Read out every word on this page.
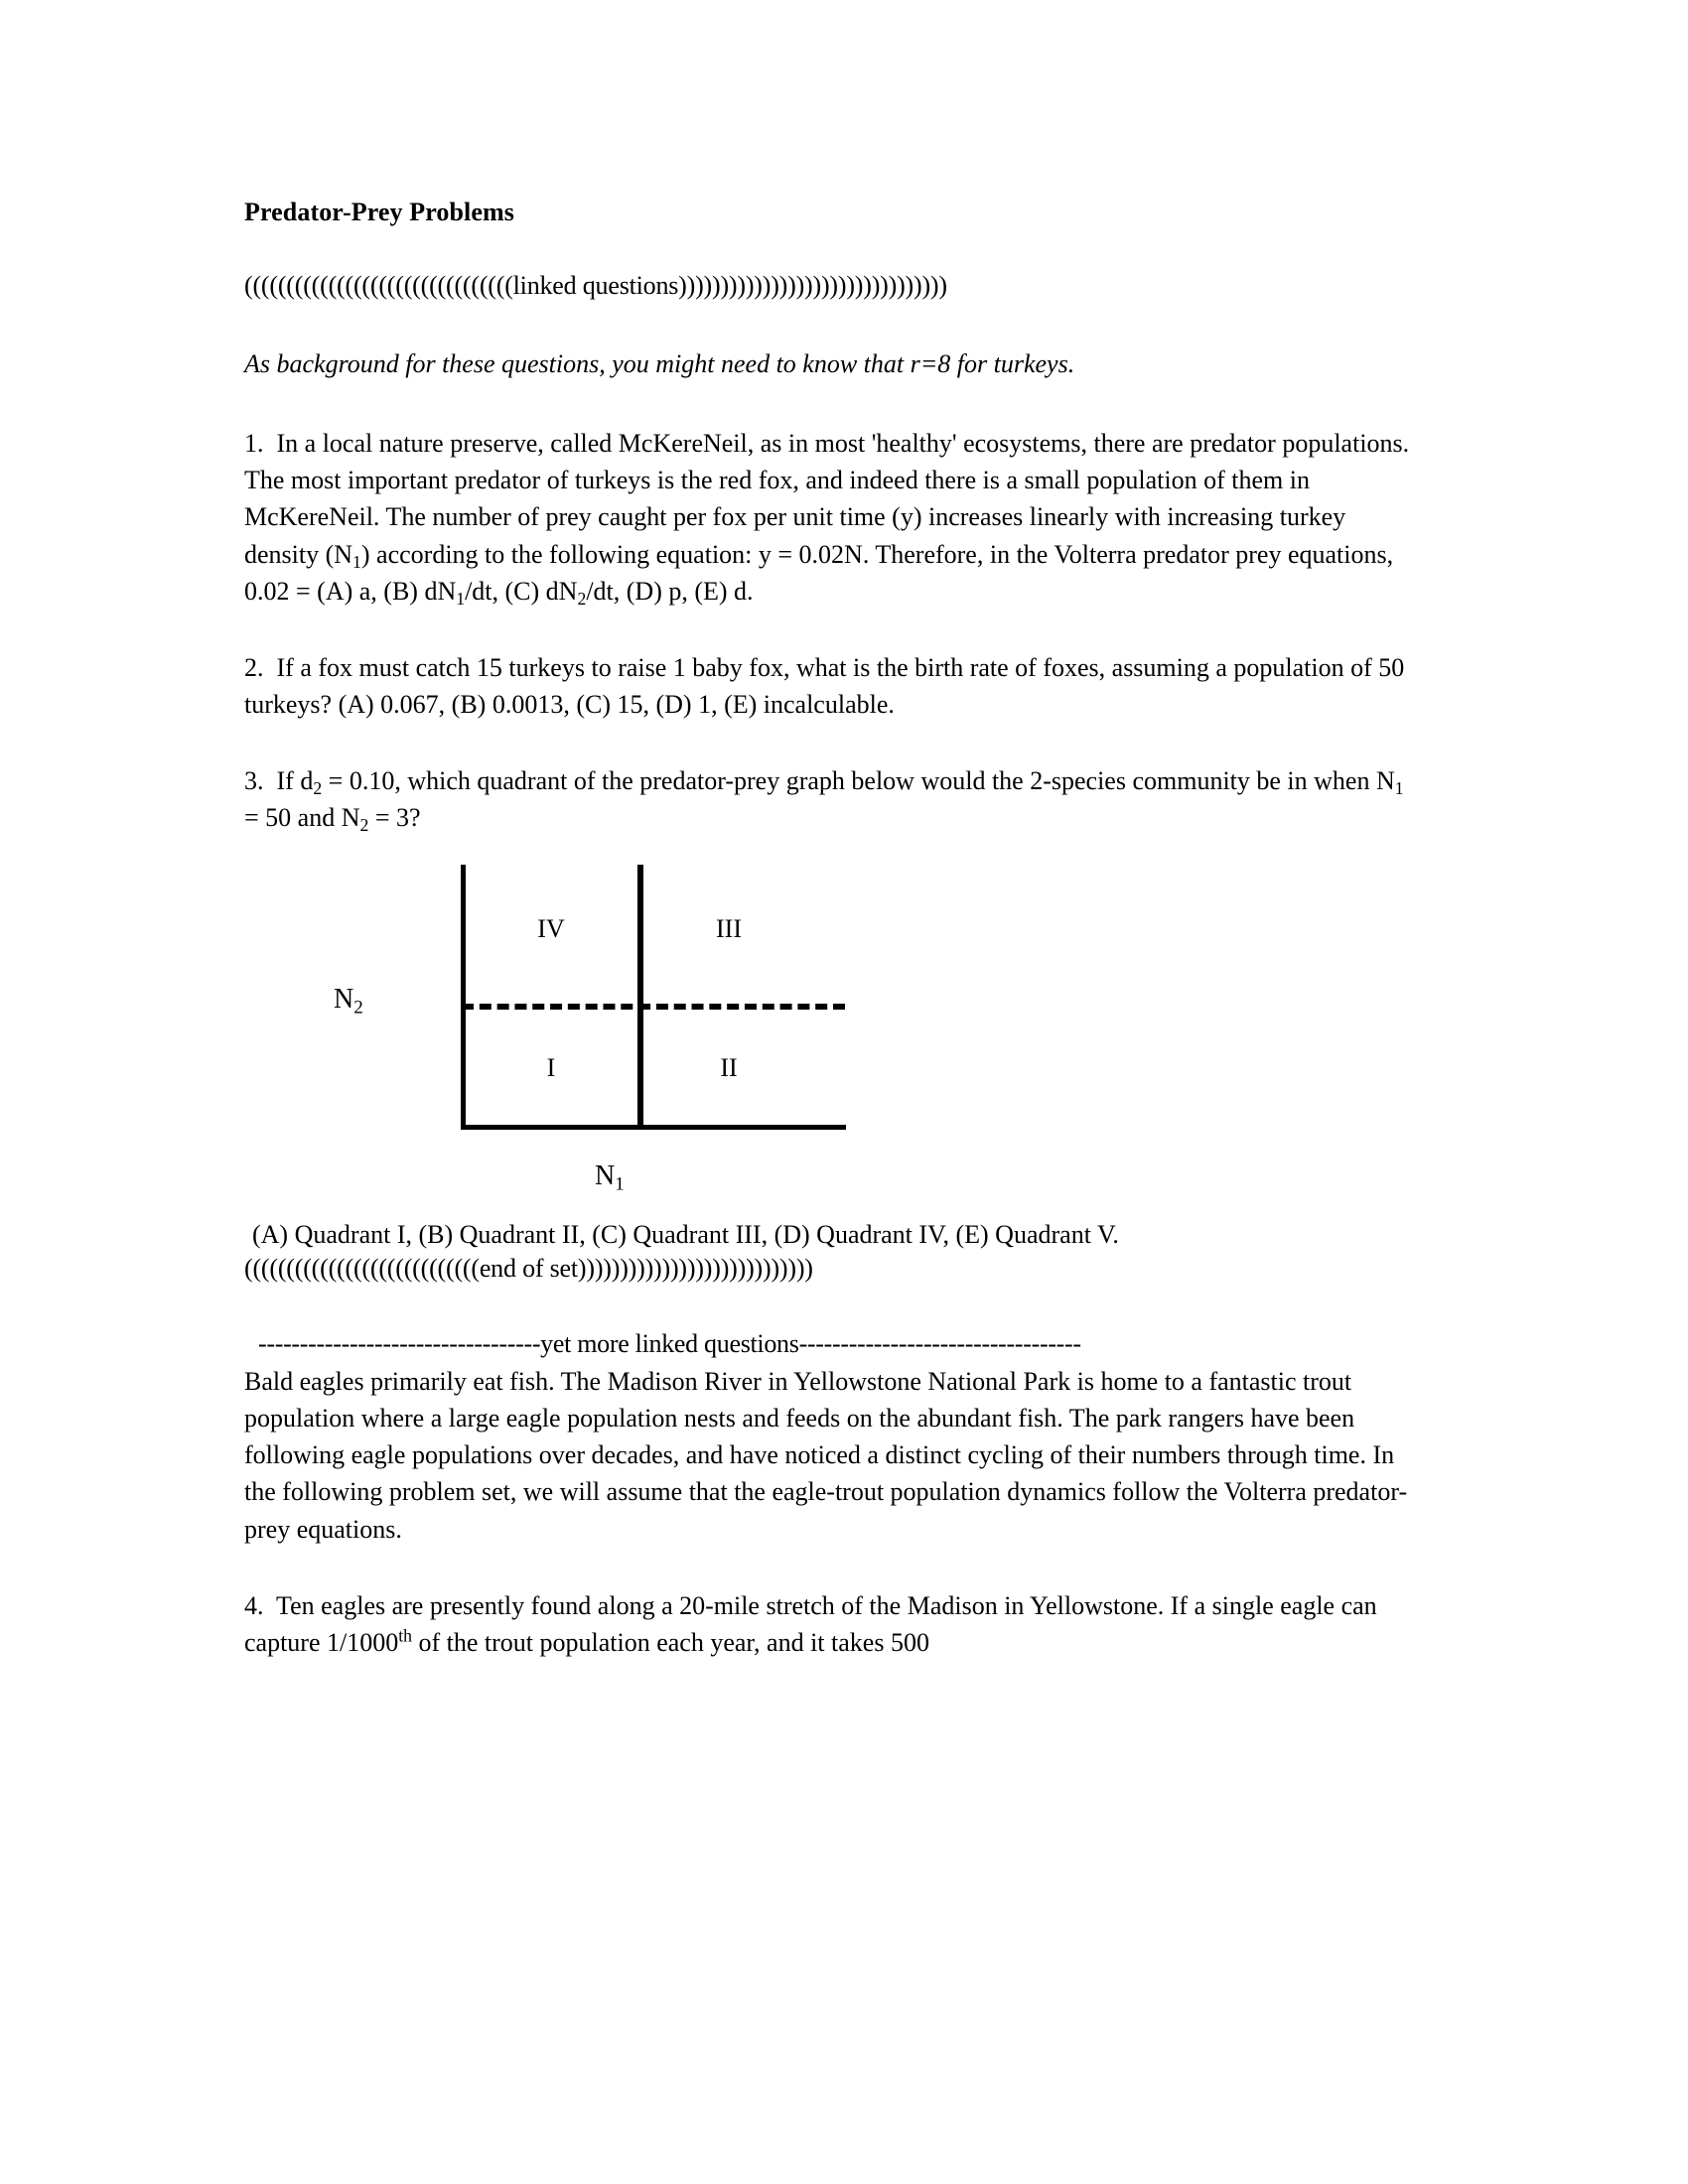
Predator-Prey Problems

((((((((((((((((((((((((((((((((linked questions))))))))))))))))))))))))))))))))

As background for these questions, you might need to know that r=8 for turkeys.

1. In a local nature preserve, called McKereNeil, as in most 'healthy' ecosystems, there are predator populations. The most important predator of turkeys is the red fox, and indeed there is a small population of them in McKereNeil. The number of prey caught per fox per unit time (y) increases linearly with increasing turkey density $(N_1)$ according to the following equation: y = 0.02N. Therefore, in the Volterra predator prey equations, 0.02 = (A) a, (B) $dN_1/dt$, (C) $dN_2/dt$, (D) p, (E) d.

2. If a fox must catch 15 turkeys to raise 1 baby fox, what is the birth rate of foxes, assuming a population of 50 turkeys? (A) 0.067, (B) 0.0013, (C) 15, (D) 1, (E) incalculable.

3. If $d_2 = 0.10$, which quadrant of the predator-prey graph below would the 2-species community be in when $N_1 = 50$ and $N_2 = 3$?

IV	III
I	II
$N_2$
$N_1$

(A) Quadrant I, (B) Quadrant II, (C) Quadrant III, (D) Quadrant IV, (E) Quadrant V.

((((((((((((((((((((((((((((end of set))))))))))))))))))))))))))))

----------------------------------yet more linked questions----------------------------------

Bald eagles primarily eat fish. The Madison River in Yellowstone National Park is home to a fantastic trout population where a large eagle population nests and feeds on the abundant fish. The park rangers have been following eagle populations over decades, and have noticed a distinct cycling of their numbers through time. In the following problem set, we will assume that the eagle-trout population dynamics follow the Volterra predator-prey equations.

4. Ten eagles are presently found along a 20-mile stretch of the Madison in Yellowstone. If a single eagle can capture 1/1000th of the trout population each year, and it takes 500
